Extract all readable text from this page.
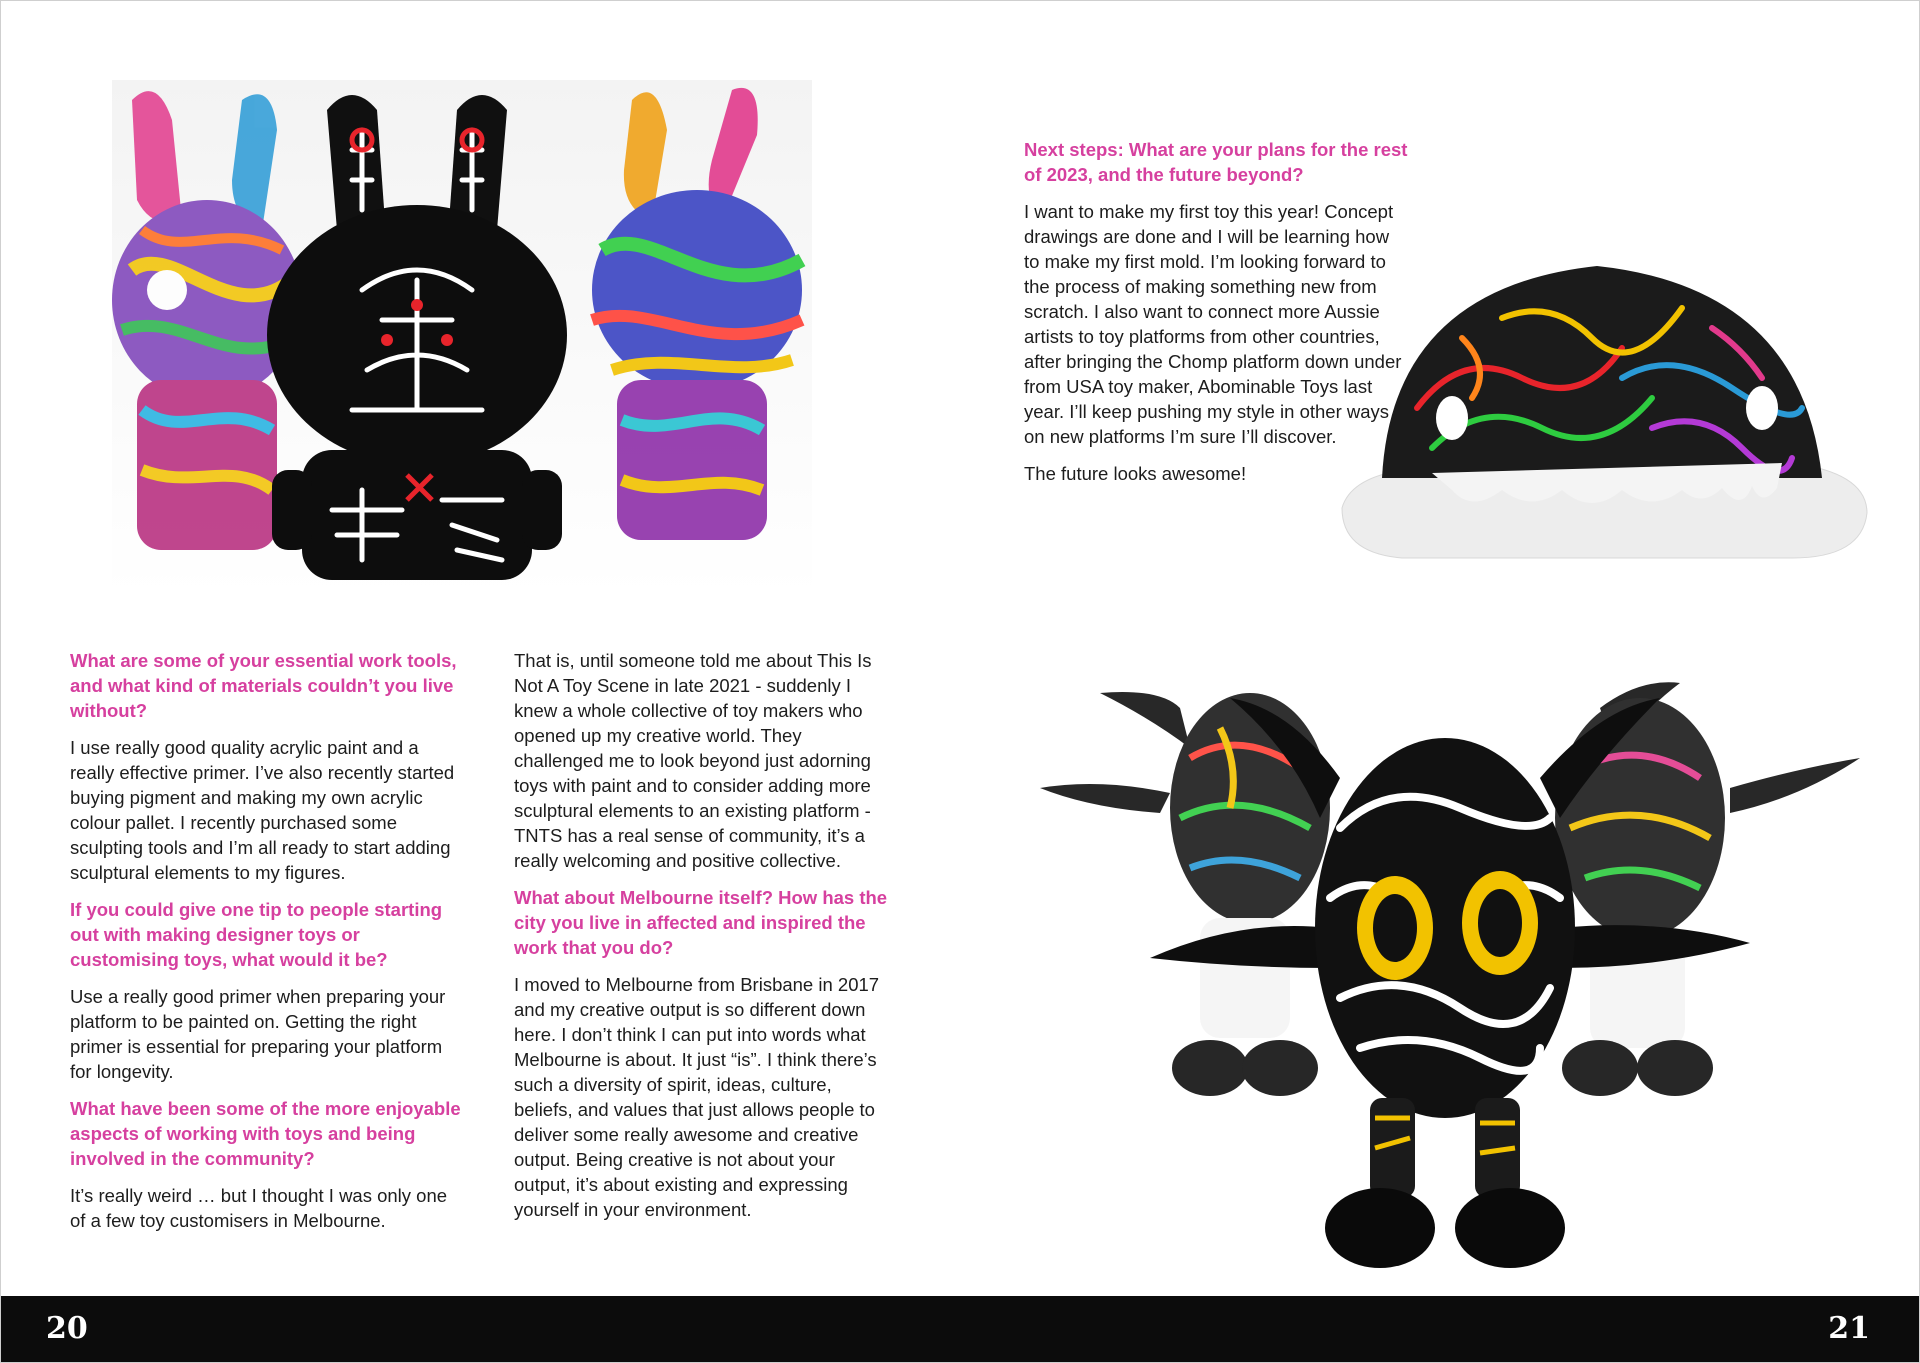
What are some of your essential work tools, and what kind of materials couldn’t you live without?

I use really good quality acrylic paint and a really effective primer. I’ve also recently started buying pigment and making my own acrylic colour pallet. I recently purchased some sculpting tools and I’m all ready to start adding sculptural elements to my figures.

If you could give one tip to people starting out with making designer toys or customising toys, what would it be?

Use a really good primer when preparing your platform to be painted on. Getting the right primer is essential for preparing your platform for longevity.

What have been some of the more enjoyable aspects of working with toys and being involved in the community?

It’s really weird … but I thought I was only one of a few toy customisers in Melbourne.

That is, until someone told me about This Is Not A Toy Scene in late 2021 - suddenly I knew a whole collective of toy makers who opened up my creative world. They challenged me to look beyond just adorning toys with paint and to consider adding more sculptural elements to an existing platform - TNTS has a real sense of community, it’s a really welcoming and positive collective.

What about Melbourne itself? How has the city you live in affected and inspired the work that you do?

I moved to Melbourne from Brisbane in 2017 and my creative output is so different down here. I don’t think I can put into words what Melbourne is about. It just “is”. I think there’s such a diversity of spirit, ideas, culture, beliefs, and values that just allows people to deliver some really awesome and creative output. Being creative is not about your output, it’s about existing and expressing yourself in your environment.

Next steps: What are your plans for the rest of 2023, and the future beyond?

I want to make my first toy this year! Concept drawings are done and I will be learning how to make my first mold. I’m looking forward to the process of making something new from scratch. I also want to connect more Aussie artists to toy platforms from other countries, after bringing the Chomp platform down under from USA toy maker, Abominable Toys last year. I’ll keep pushing my style in other ways on new platforms I’m sure I’ll discover.

The future looks awesome!

20	21
